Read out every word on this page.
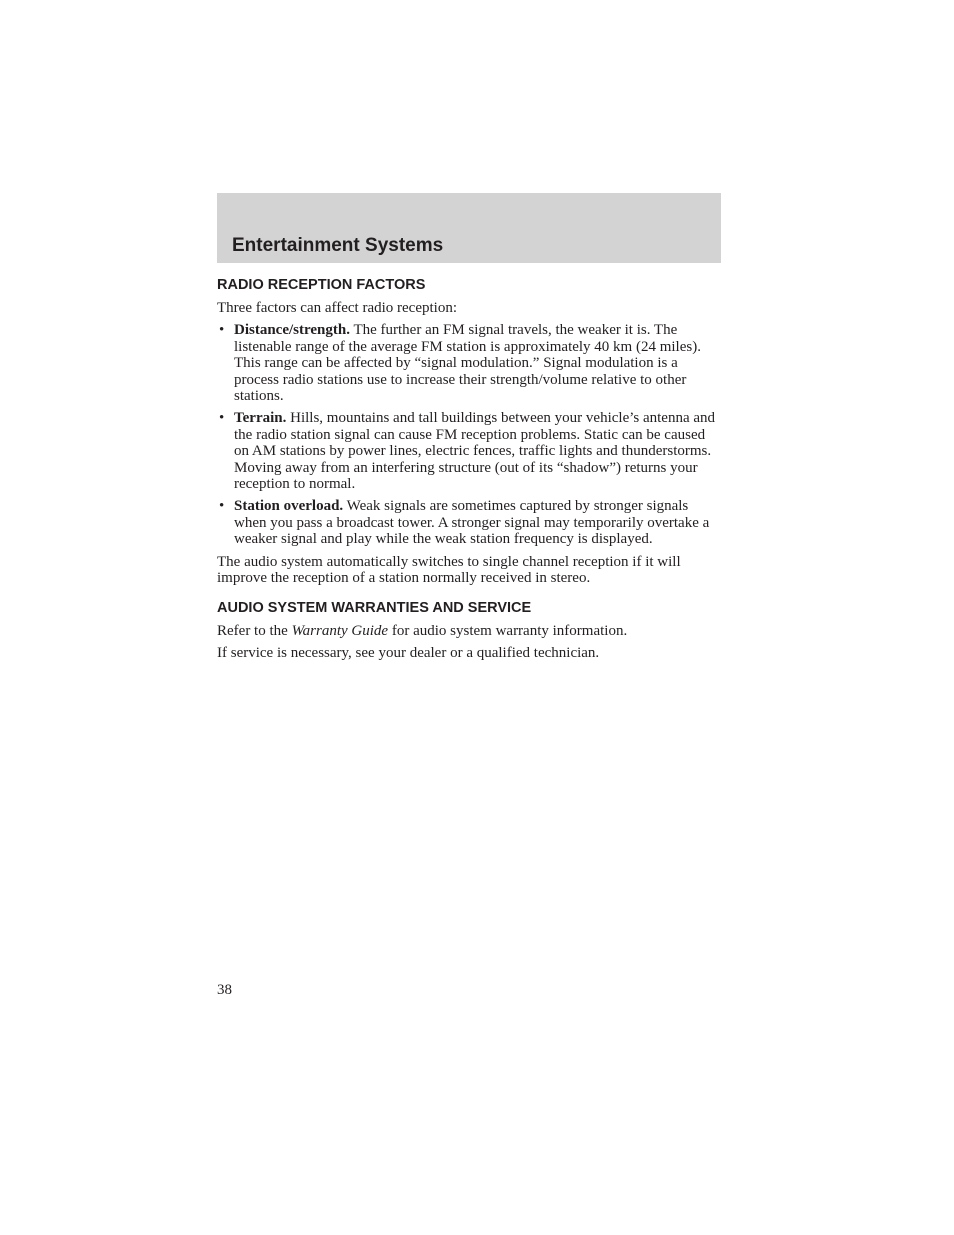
Entertainment Systems
RADIO RECEPTION FACTORS

Three factors can affect radio reception:

• Distance/strength. The further an FM signal travels, the weaker it is. The listenable range of the average FM station is approximately 40 km (24 miles). This range can be affected by “signal modulation.” Signal modulation is a process radio stations use to increase their strength/volume relative to other stations.
• Terrain. Hills, mountains and tall buildings between your vehicle’s antenna and the radio station signal can cause FM reception problems. Static can be caused on AM stations by power lines, electric fences, traffic lights and thunderstorms. Moving away from an interfering structure (out of its “shadow”) returns your reception to normal.
• Station overload. Weak signals are sometimes captured by stronger signals when you pass a broadcast tower. A stronger signal may temporarily overtake a weaker signal and play while the weak station frequency is displayed.

The audio system automatically switches to single channel reception if it will improve the reception of a station normally received in stereo.

AUDIO SYSTEM WARRANTIES AND SERVICE

Refer to the Warranty Guide for audio system warranty information.

If service is necessary, see your dealer or a qualified technician.

38
